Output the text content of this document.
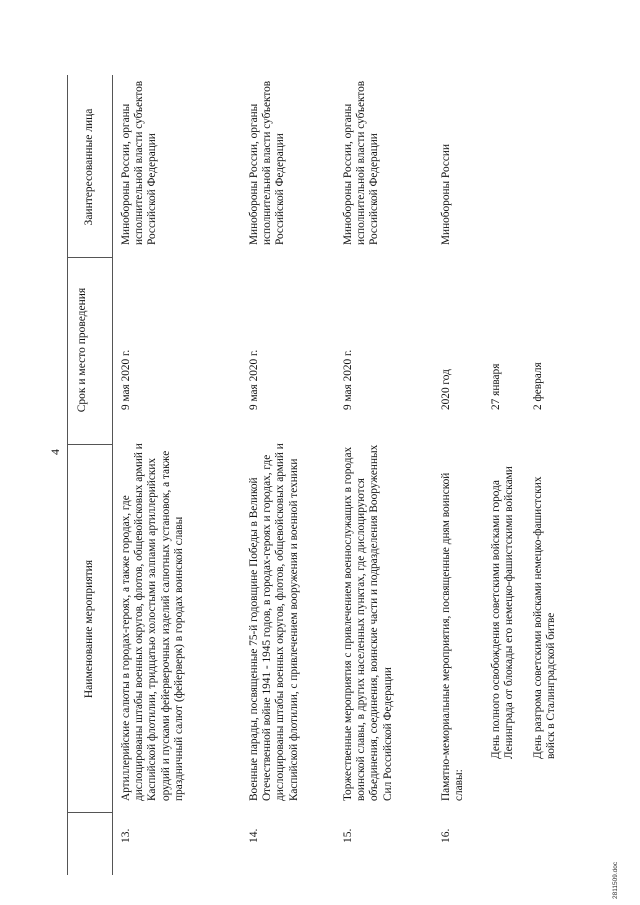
4
Наименование мероприятия
Срок и место проведения
Заинтересованные лица
13.
Артиллерийские салюты в городах-героях, а также городах, где дислоцированы штабы военных округов, флотов, общевойсковых армий и Каспийской флотилии, тридцатью холостыми залпами артиллерийских орудий и пусками фейерверочных изделий салютных установок, а также праздничный салют (фейерверк) в городах воинской славы
9 мая 2020 г.
Минобороны России, органы исполнительной власти субъектов Российской Федерации
14.
Военные парады, посвященные 75-й годовщине Победы в Великой Отечественной войне 1941 - 1945 годов, в городах-героях и городах, где дислоцированы штабы военных округов, флотов, общевойсковых армий и Каспийской флотилии, с привлечением вооружения и военной техники
9 мая 2020 г.
Минобороны России, органы исполнительной власти субъектов Российской Федерации
15.
Торжественные мероприятия с привлечением военнослужащих в городах воинской славы, в других населенных пунктах, где дислоцируются объединения, соединения, воинские части и подразделения Вооруженных Сил Российской Федерации
9 мая 2020 г.
Минобороны России, органы исполнительной власти субъектов Российской Федерации
16.
Памятно-мемориальные мероприятия, посвященные дням воинской славы:
2020 год
Минобороны России
День полного освобождения советскими войсками города Ленинграда от блокады его немецко-фашистскими войсками
27 января
День разгрома советскими войсками немецко-фашистских войск в Сталинградской битве
2 февраля
2811509.doc
